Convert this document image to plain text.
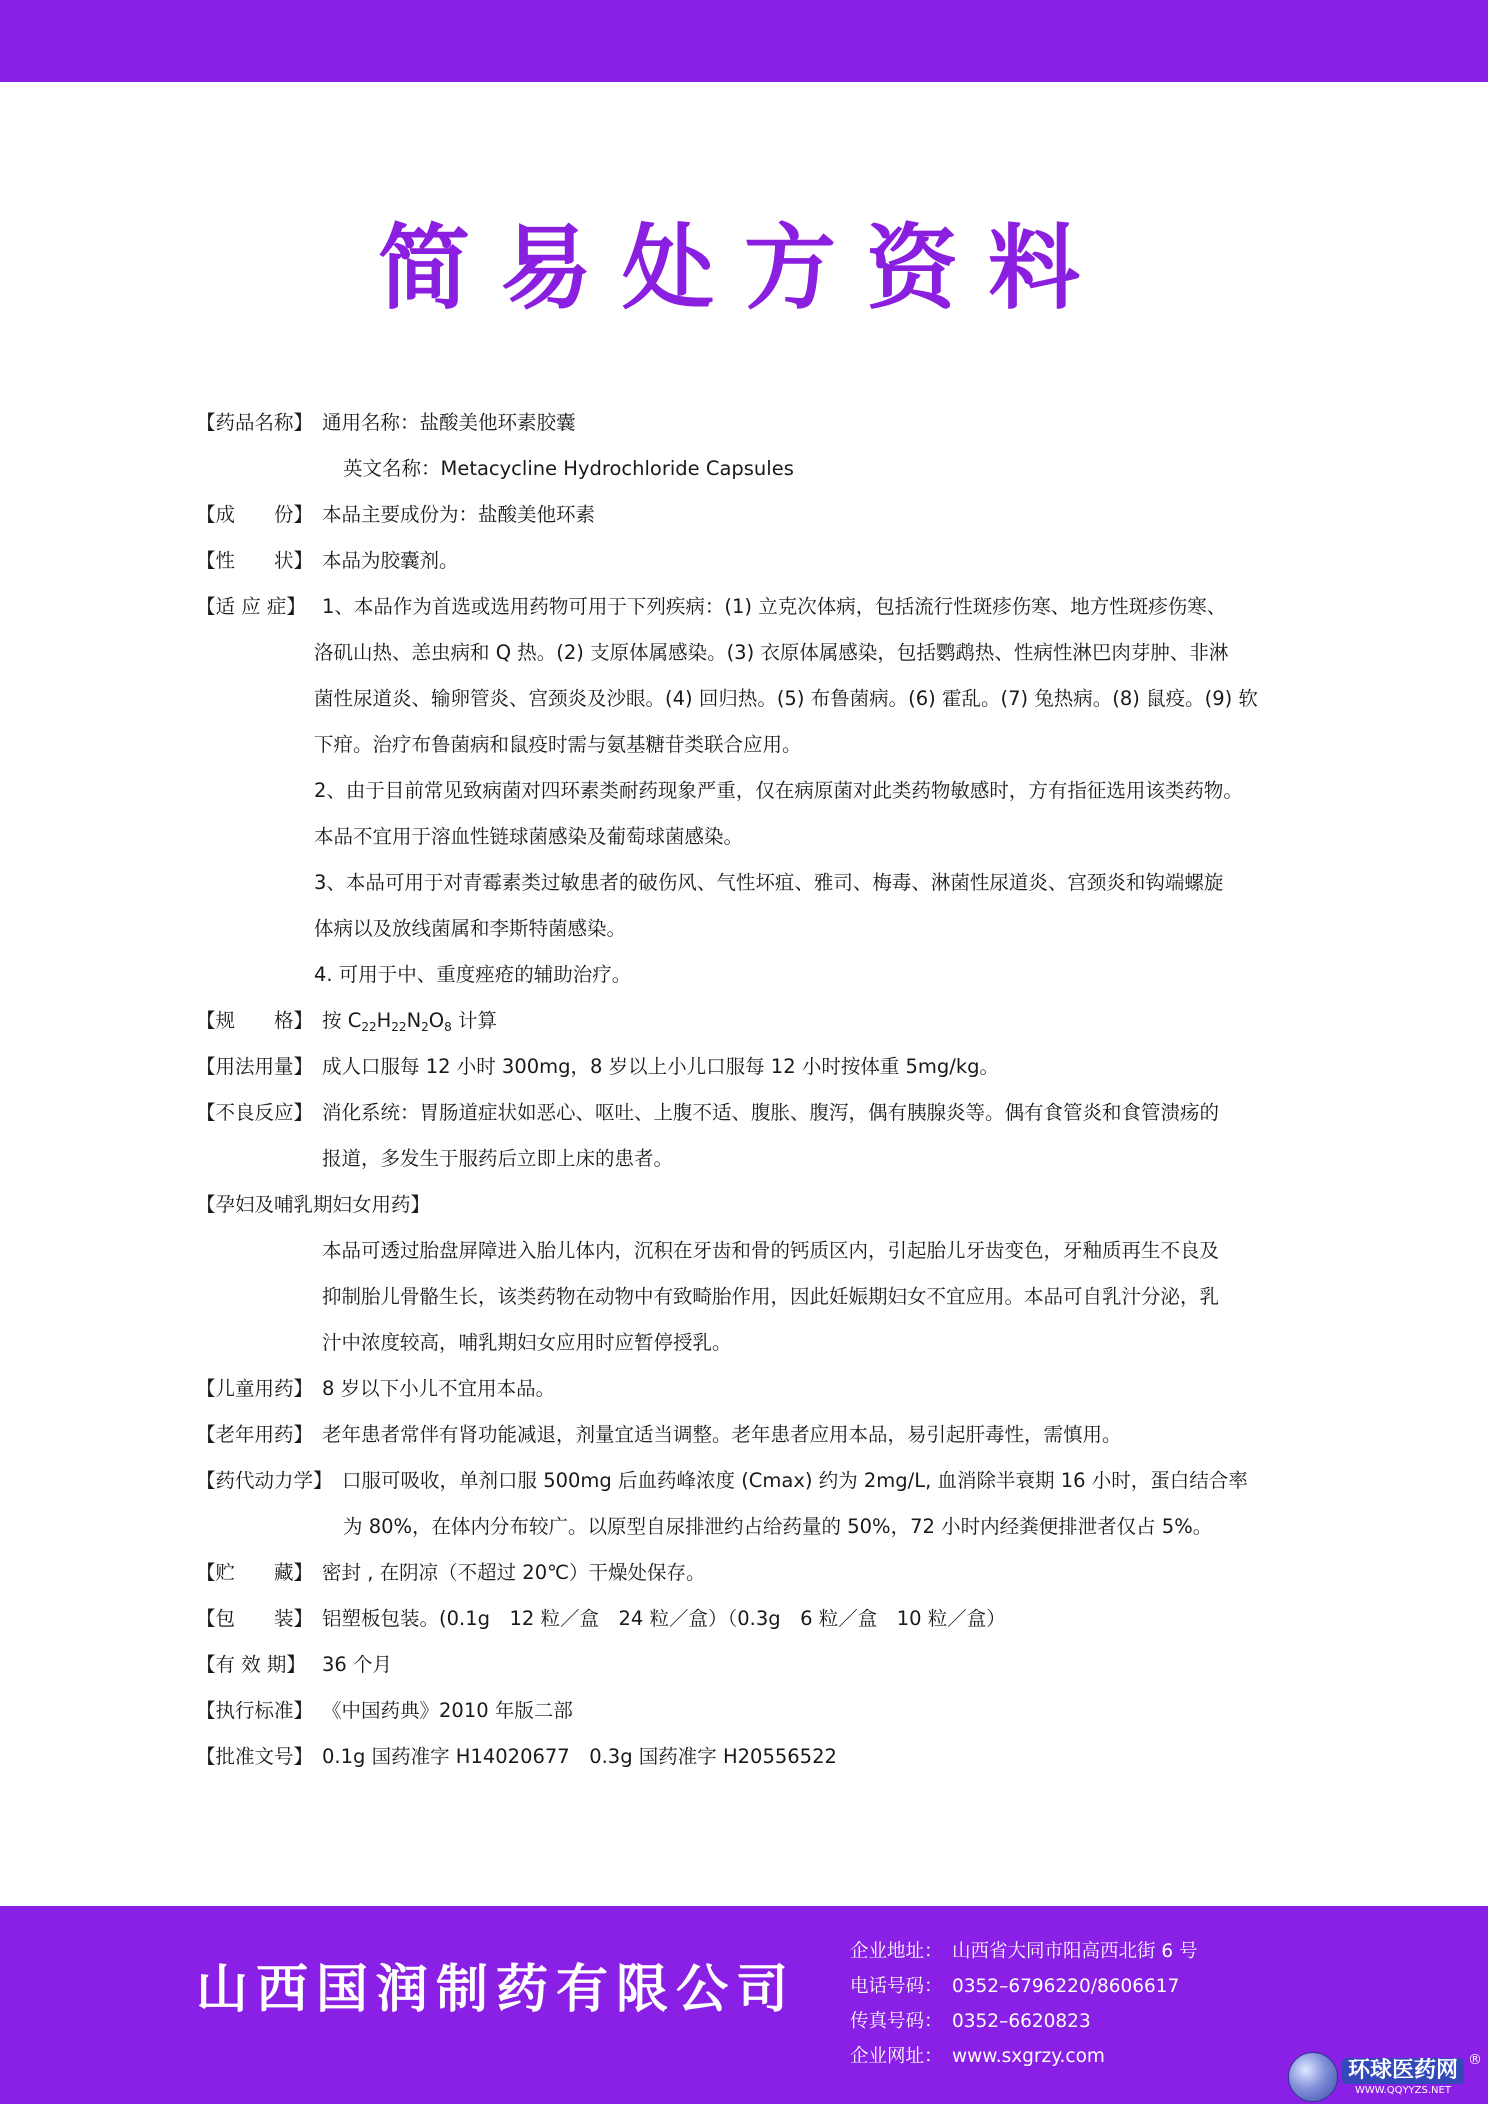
简易处方资料
【药品名称】 通用名称：盐酸美他环素胶囊
英文名称：Metacycline Hydrochloride Capsules
【成　　份】 本品主要成份为：盐酸美他环素
【性　　状】 本品为胶囊剂。
【适 应 症】 1、本品作为首选或选用药物可用于下列疾病：(1) 立克次体病，包括流行性斑疹伤寒、地方性斑疹伤寒、
洛矶山热、恙虫病和 Q 热。(2) 支原体属感染。(3) 衣原体属感染，包括鹦鹉热、性病性淋巴肉芽肿、非淋
菌性尿道炎、输卵管炎、宫颈炎及沙眼。(4) 回归热。(5) 布鲁菌病。(6) 霍乱。(7) 兔热病。(8) 鼠疫。(9) 软
下疳。治疗布鲁菌病和鼠疫时需与氨基糖苷类联合应用。
2、由于目前常见致病菌对四环素类耐药现象严重，仅在病原菌对此类药物敏感时，方有指征选用该类药物。
本品不宜用于溶血性链球菌感染及葡萄球菌感染。
3、本品可用于对青霉素类过敏患者的破伤风、气性坏疽、雅司、梅毒、淋菌性尿道炎、宫颈炎和钩端螺旋
体病以及放线菌属和李斯特菌感染。
4. 可用于中、重度痤疮的辅助治疗。
【规　　格】 按 $C_{22}H_{22}N_2O_8$ 计算
【用法用量】 成人口服每 12 小时 300mg，8 岁以上小儿口服每 12 小时按体重 5mg/kg。
【不良反应】 消化系统：胃肠道症状如恶心、呕吐、上腹不适、腹胀、腹泻，偶有胰腺炎等。偶有食管炎和食管溃疡的
报道，多发生于服药后立即上床的患者。
【孕妇及哺乳期妇女用药】
本品可透过胎盘屏障进入胎儿体内，沉积在牙齿和骨的钙质区内，引起胎儿牙齿变色，牙釉质再生不良及
抑制胎儿骨骼生长，该类药物在动物中有致畸胎作用，因此妊娠期妇女不宜应用。本品可自乳汁分泌，乳
汁中浓度较高，哺乳期妇女应用时应暂停授乳。
【儿童用药】 8 岁以下小儿不宜用本品。
【老年用药】 老年患者常伴有肾功能减退，剂量宜适当调整。老年患者应用本品，易引起肝毒性，需慎用。
【药代动力学】 口服可吸收，单剂口服 500mg 后血药峰浓度 (Cmax) 约为 2mg/L, 血消除半衰期 16 小时，蛋白结合率
为 80%，在体内分布较广。以原型自尿排泄约占给药量的 50%，72 小时内经粪便排泄者仅占 5%。
【贮　　藏】 密封 , 在阴凉（不超过 20℃）干燥处保存。
【包　　装】 铝塑板包装。(0.1g　12 粒／盒　24 粒／盒）（0.3g　6 粒／盒　10 粒／盒）
【有 效 期】 36 个月
【执行标准】 《中国药典》2010 年版二部
【批准文号】 0.1g 国药准字 H14020677　0.3g 国药准字 H20556522
山西国润制药有限公司
企业地址： 山西省大同市阳高西北街 6 号
电话号码： 0352–6796220/8606617
传真号码： 0352–6620823
企业网址： www.sxgrzy.com
环球医药网
WWW.QQYYZS.NET
®
